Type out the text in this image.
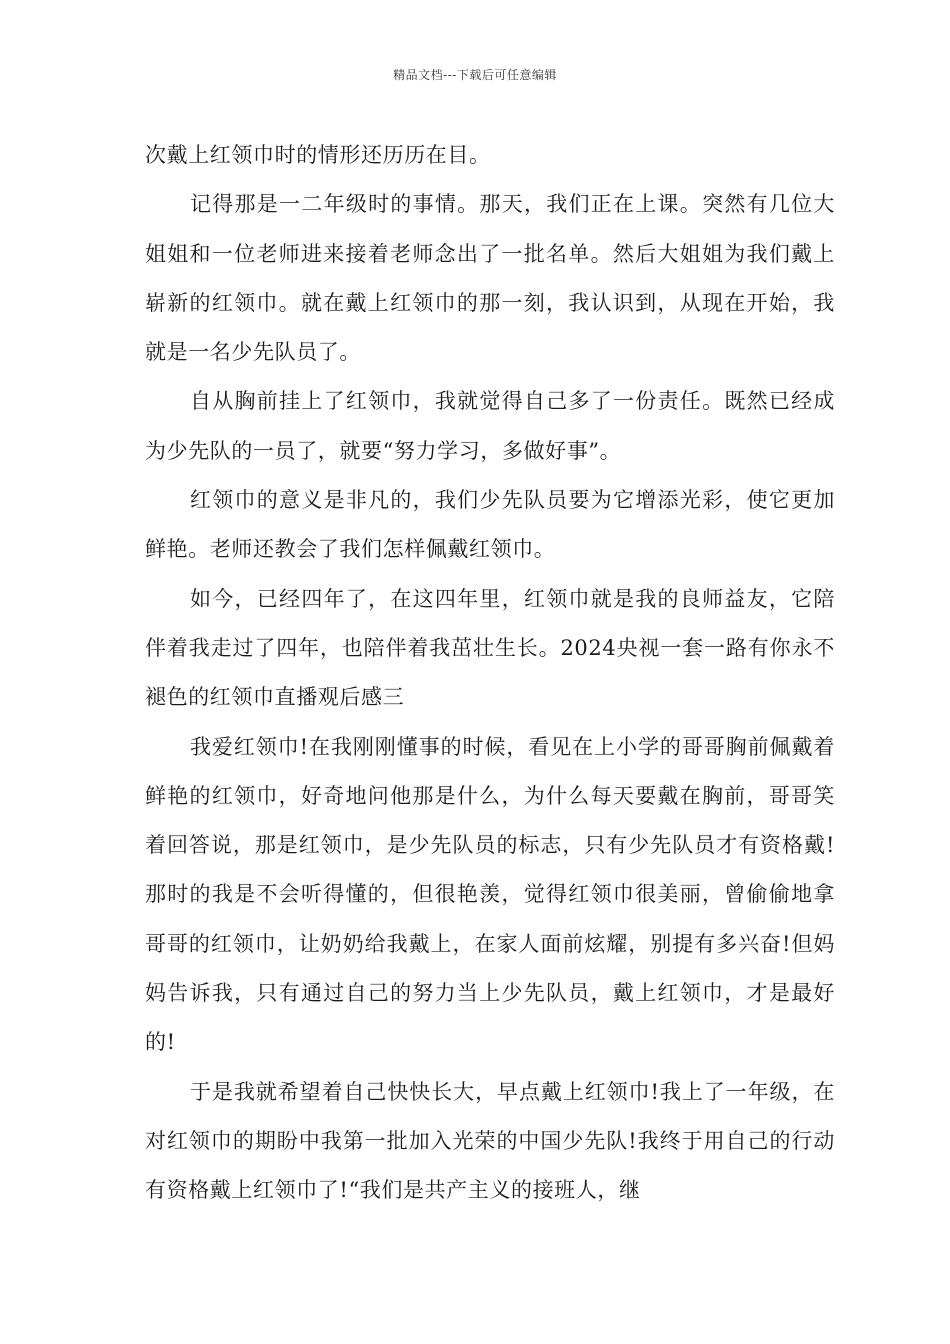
精品文档---下载后可任意编辑

次戴上红领巾时的情形还历历在目。

记得那是一二年级时的事情。那天，我们正在上课。突然有几位大姐姐和一位老师进来接着老师念出了一批名单。然后大姐姐为我们戴上崭新的红领巾。就在戴上红领巾的那一刻，我认识到，从现在开始，我就是一名少先队员了。

自从胸前挂上了红领巾，我就觉得自己多了一份责任。既然已经成为少先队的一员了，就要“努力学习，多做好事”。

红领巾的意义是非凡的，我们少先队员要为它增添光彩，使它更加鲜艳。老师还教会了我们怎样佩戴红领巾。

如今，已经四年了，在这四年里，红领巾就是我的良师益友，它陪伴着我走过了四年，也陪伴着我茁壮生长。2024央视一套一路有你永不褪色的红领巾直播观后感三

我爱红领巾!在我刚刚懂事的时候，看见在上小学的哥哥胸前佩戴着鲜艳的红领巾，好奇地问他那是什么，为什么每天要戴在胸前，哥哥笑着回答说，那是红领巾，是少先队员的标志，只有少先队员才有资格戴!那时的我是不会听得懂的，但很艳羡，觉得红领巾很美丽，曾偷偷地拿哥哥的红领巾，让奶奶给我戴上，在家人面前炫耀，别提有多兴奋!但妈妈告诉我，只有通过自己的努力当上少先队员，戴上红领巾，才是最好的!

于是我就希望着自己快快长大，早点戴上红领巾!我上了一年级，在对红领巾的期盼中我第一批加入光荣的中国少先队!我终于用自己的行动有资格戴上红领巾了!“我们是共产主义的接班人，继
